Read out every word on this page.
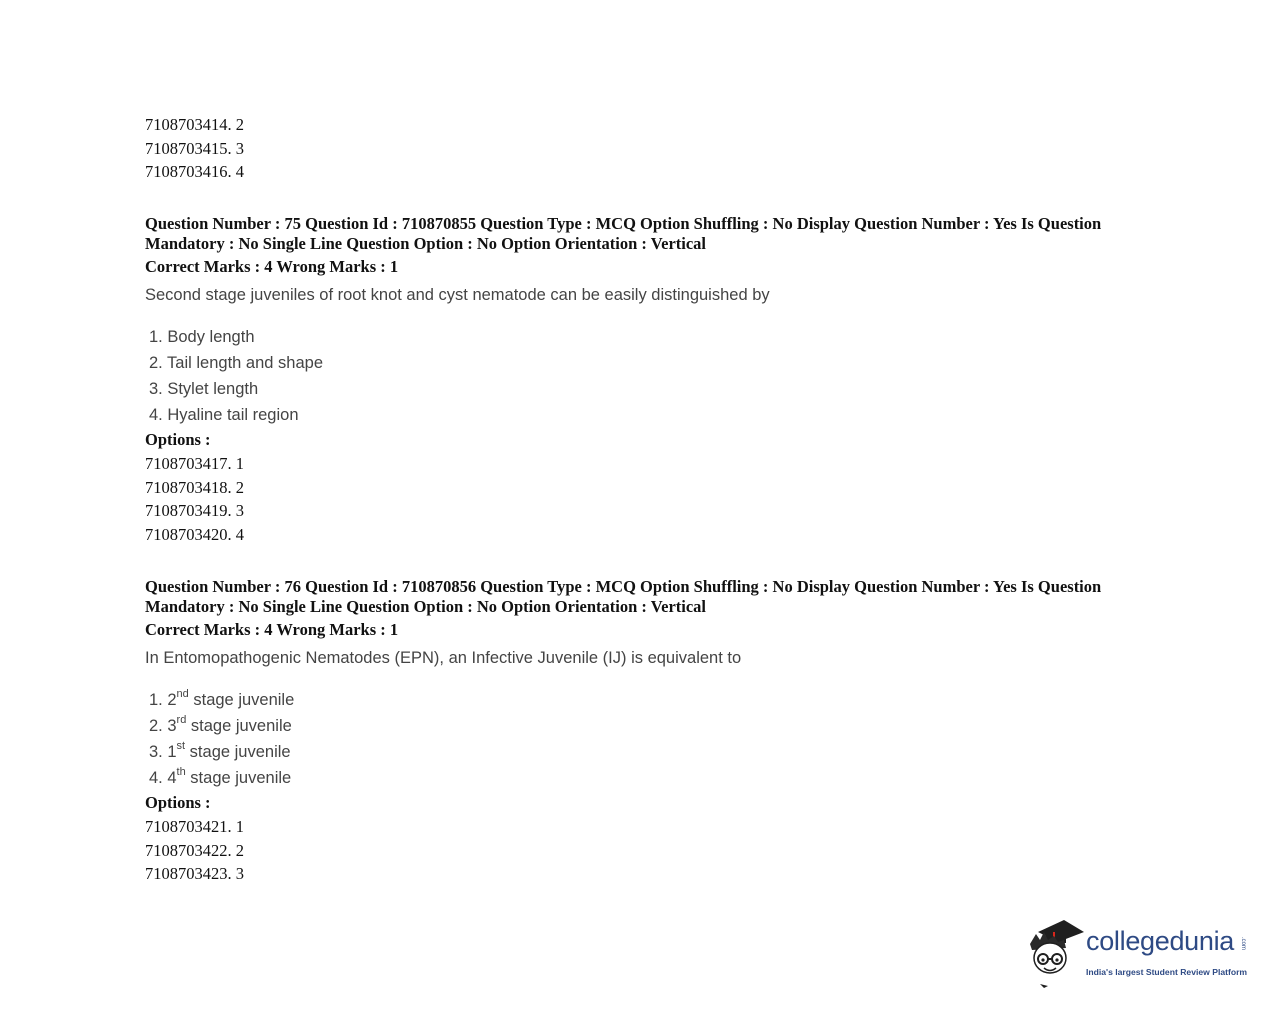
7108703414. 2
7108703415. 3
7108703416. 4
Question Number : 75 Question Id : 710870855 Question Type : MCQ Option Shuffling : No Display Question Number : Yes Is Question
Mandatory : No Single Line Question Option : No Option Orientation : Vertical
Correct Marks : 4 Wrong Marks : 1
Second stage juveniles of root knot and cyst nematode can be easily distinguished by
1. Body length
2. Tail length and shape
3. Stylet length
4. Hyaline tail region
Options :
7108703417. 1
7108703418. 2
7108703419. 3
7108703420. 4
Question Number : 76 Question Id : 710870856 Question Type : MCQ Option Shuffling : No Display Question Number : Yes Is Question
Mandatory : No Single Line Question Option : No Option Orientation : Vertical
Correct Marks : 4 Wrong Marks : 1
In Entomopathogenic Nematodes (EPN), an Infective Juvenile (IJ) is equivalent to
1. 2nd stage juvenile
2. 3rd stage juvenile
3. 1st stage juvenile
4. 4th stage juvenile
Options :
7108703421. 1
7108703422. 2
7108703423. 3
collegedunia .com
India's largest Student Review Platform
